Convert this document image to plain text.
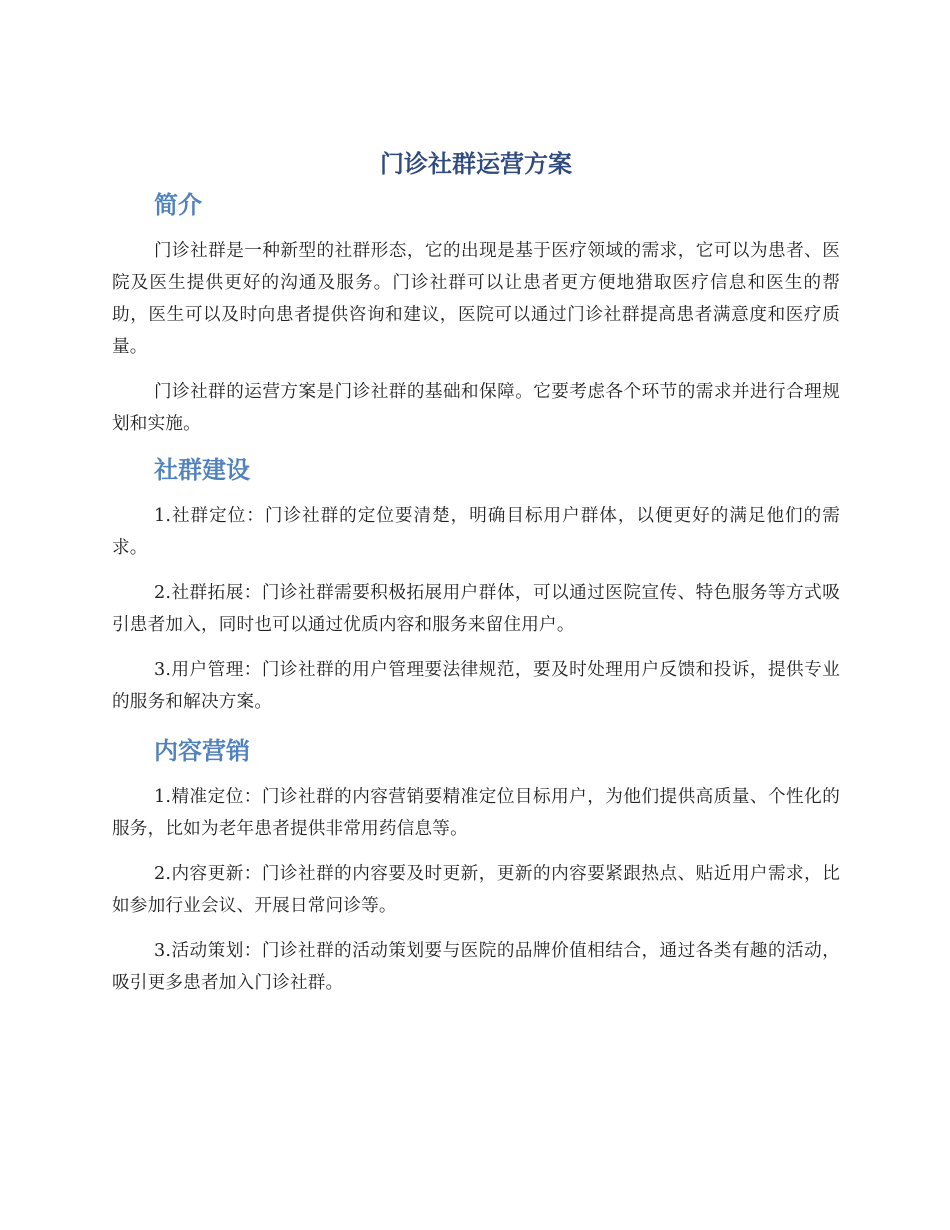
门诊社群运营方案
简介

门诊社群是一种新型的社群形态，它的出现是基于医疗领域的需求，它可以为患者、医院及医生提供更好的沟通及服务。门诊社群可以让患者更方便地猎取医疗信息和医生的帮助，医生可以及时向患者提供咨询和建议，医院可以通过门诊社群提高患者满意度和医疗质量。

门诊社群的运营方案是门诊社群的基础和保障。它要考虑各个环节的需求并进行合理规划和实施。

社群建设

1.社群定位：门诊社群的定位要清楚，明确目标用户群体，以便更好的满足他们的需求。

2.社群拓展：门诊社群需要积极拓展用户群体，可以通过医院宣传、特色服务等方式吸引患者加入，同时也可以通过优质内容和服务来留住用户。

3.用户管理：门诊社群的用户管理要法律规范，要及时处理用户反馈和投诉，提供专业的服务和解决方案。

内容营销

1.精准定位：门诊社群的内容营销要精准定位目标用户，为他们提供高质量、个性化的服务，比如为老年患者提供非常用药信息等。

2.内容更新：门诊社群的内容要及时更新，更新的内容要紧跟热点、贴近用户需求，比如参加行业会议、开展日常问诊等。

3.活动策划：门诊社群的活动策划要与医院的品牌价值相结合，通过各类有趣的活动，吸引更多患者加入门诊社群。
